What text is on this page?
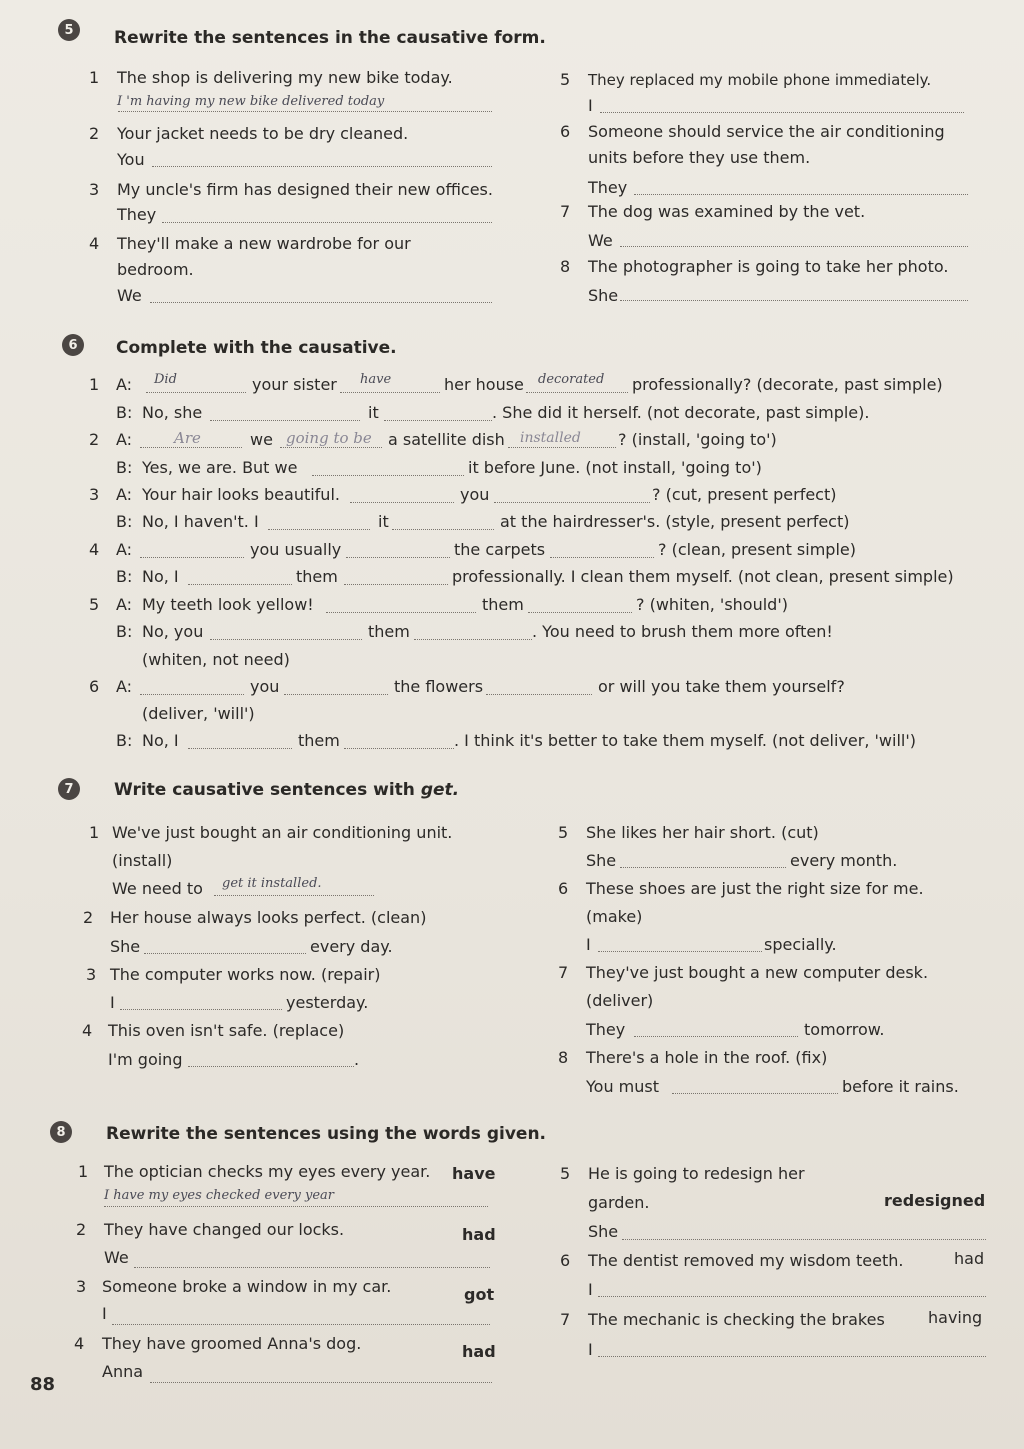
5	Rewrite the sentences in the causative form.
1 The shop is delivering my new bike today.
I 'm having my new bike delivered today
2 Your jacket needs to be dry cleaned.
You
3 My uncle's firm has designed their new offices.
They
4 They'll make a new wardrobe for our
bedroom.
We
5 They replaced my mobile phone immediately.
I
6 Someone should service the air conditioning
units before they use them.
They
7 The dog was examined by the vet.
We
8 The photographer is going to take her photo.
She
6	Complete with the causative.
1 A: Did	your sister have	her house decorated professionally? (decorate, past simple)
B: No, she	it	. She did it herself. (not decorate, past simple).
2 A:	Are	we going to be a satellite dish installed ? (install, 'going to')
B: Yes, we are. But we	it before June. (not install, 'going to')
3 A: Your hair looks beautiful.	you	? (cut, present perfect)
B: No, I haven't. I	it	at the hairdresser's. (style, present perfect)
4 A:	you usually	the carpets	? (clean, present simple)
B: No, I	them	professionally. I clean them myself. (not clean, present simple)
5 A: My teeth look yellow!	them	? (whiten, 'should')
B: No, you	them	. You need to brush them more often!
(whiten, not need)
6 A:	you	the flowers	or will you take them yourself?
(deliver, 'will')
B: No, I	them	. I think it's better to take them myself. (not deliver, 'will')
7	Write causative sentences with get.
1 We've just bought an air conditioning unit.
(install)
We need to get it installed.
2 Her house always looks perfect. (clean)
She	every day.
3 The computer works now. (repair)
I	yesterday.
4 This oven isn't safe. (replace)
I'm going	.
5 She likes her hair short. (cut)
She	every month.
6 These shoes are just the right size for me.
(make)
I	specially.
7 They've just bought a new computer desk.
(deliver)
They	tomorrow.
8 There's a hole in the roof. (fix)
You must	before it rains.
8	Rewrite the sentences using the words given.
1 The optician checks my eyes every year. have
I have my eyes checked every year
2 They have changed our locks.	had
We
3 Someone broke a window in my car.	got
I
4 They have groomed Anna's dog.	had
Anna
5 He is going to redesign her
garden.	redesigned
She
6 The dentist removed my wisdom teeth.	had
I
7 The mechanic is checking the brakes	having
I
88
